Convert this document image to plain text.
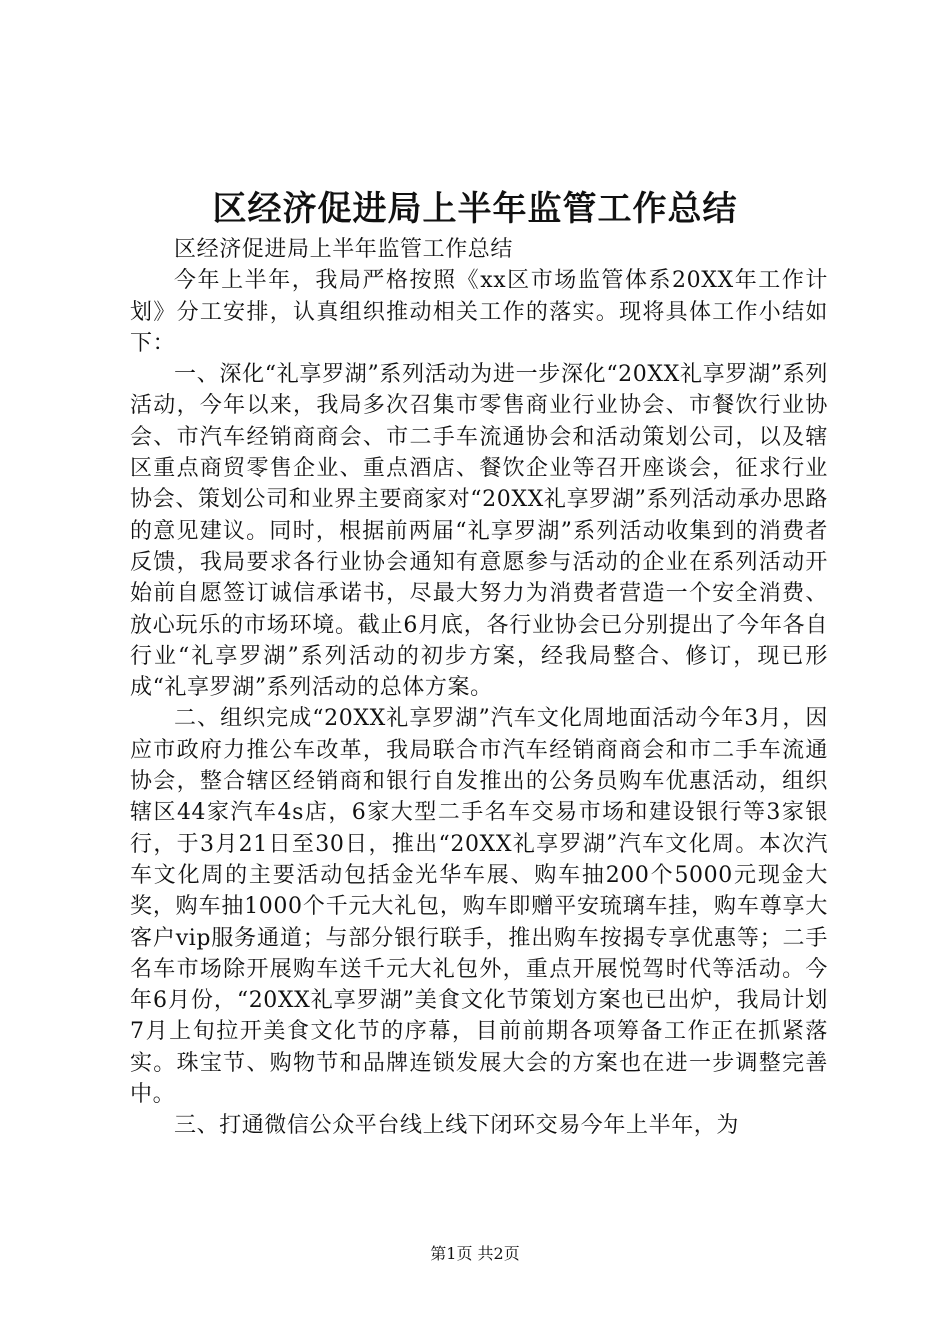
区经济促进局上半年监管工作总结

区经济促进局上半年监管工作总结

今年上半年，我局严格按照《xx区市场监管体系20XX年工作计划》分工安排，认真组织推动相关工作的落实。现将具体工作小结如下：

一、深化“礼享罗湖”系列活动为进一步深化“20XX礼享罗湖”系列活动，今年以来，我局多次召集市零售商业行业协会、市餐饮行业协会、市汽车经销商商会、市二手车流通协会和活动策划公司，以及辖区重点商贸零售企业、重点酒店、餐饮企业等召开座谈会，征求行业协会、策划公司和业界主要商家对“20XX礼享罗湖”系列活动承办思路的意见建议。同时，根据前两届“礼享罗湖”系列活动收集到的消费者反馈，我局要求各行业协会通知有意愿参与活动的企业在系列活动开始前自愿签订诚信承诺书，尽最大努力为消费者营造一个安全消费、放心玩乐的市场环境。截止6月底，各行业协会已分别提出了今年各自行业“礼享罗湖”系列活动的初步方案，经我局整合、修订，现已形成“礼享罗湖”系列活动的总体方案。

二、组织完成“20XX礼享罗湖”汽车文化周地面活动今年3月，因应市政府力推公车改革，我局联合市汽车经销商商会和市二手车流通协会，整合辖区经销商和银行自发推出的公务员购车优惠活动，组织辖区44家汽车4s店，6家大型二手名车交易市场和建设银行等3家银行，于3月21日至30日，推出“20XX礼享罗湖”汽车文化周。本次汽车文化周的主要活动包括金光华车展、购车抽200个5000元现金大奖，购车抽1000个千元大礼包，购车即赠平安琉璃车挂，购车尊享大客户vip服务通道；与部分银行联手，推出购车按揭专享优惠等；二手名车市场除开展购车送千元大礼包外，重点开展悦驾时代等活动。今年6月份，“20XX礼享罗湖”美食文化节策划方案也已出炉，我局计划7月上旬拉开美食文化节的序幕，目前前期各项筹备工作正在抓紧落实。珠宝节、购物节和品牌连锁发展大会的方案也在进一步调整完善中。

三、打通微信公众平台线上线下闭环交易今年上半年，为

第1页 共2页
